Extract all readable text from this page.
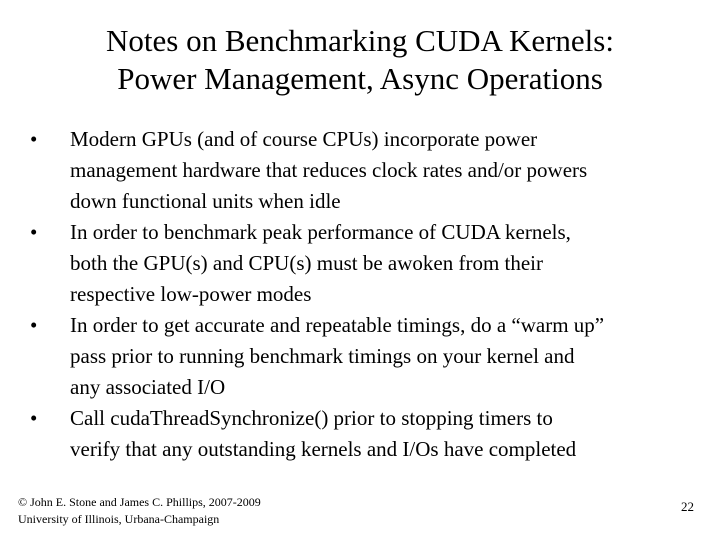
Notes on Benchmarking CUDA Kernels:
Power Management, Async Operations
•	Modern GPUs (and of course CPUs) incorporate power
management hardware that reduces clock rates and/or powers
down functional units when idle
•	In order to benchmark peak performance of CUDA kernels,
both the GPU(s) and CPU(s) must be awoken from their
respective low-power modes
•	In order to get accurate and repeatable timings, do a “warm up”
pass prior to running benchmark timings on your kernel and
any associated I/O
•	Call cudaThreadSynchronize() prior to stopping timers to
verify that any outstanding kernels and I/Os have completed
© John E. Stone and James C. Phillips, 2007-2009
University of Illinois, Urbana-Champaign
22
